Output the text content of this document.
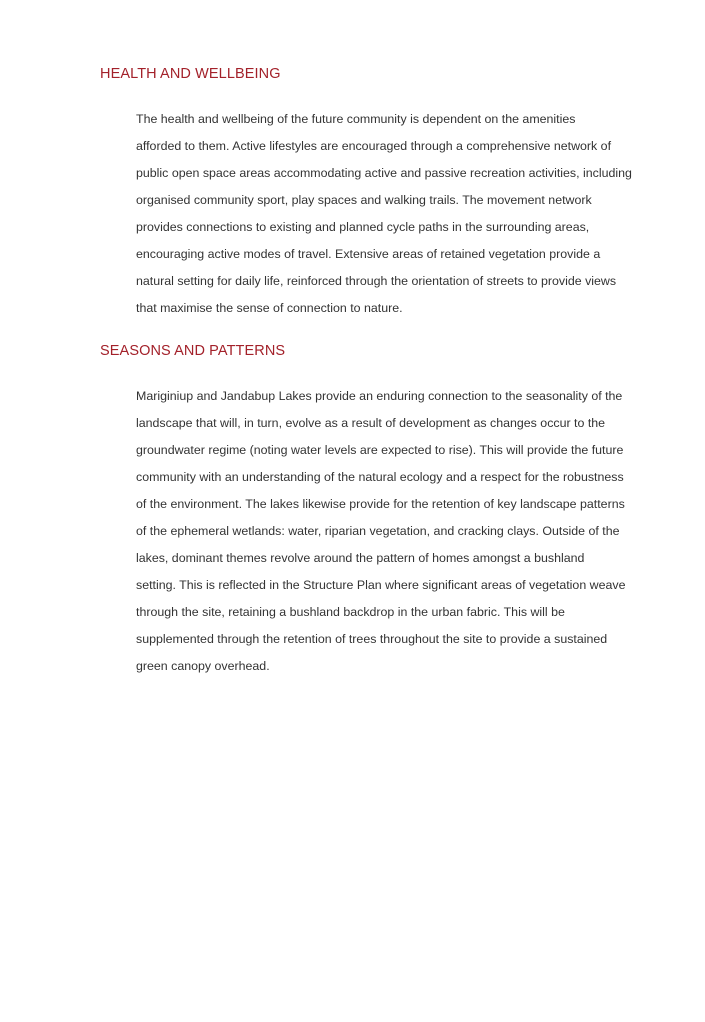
HEALTH AND WELLBEING

The health and wellbeing of the future community is dependent on the amenities
afforded to them. Active lifestyles are encouraged through a comprehensive network of
public open space areas accommodating active and passive recreation activities, including
organised community sport, play spaces and walking trails. The movement network
provides connections to existing and planned cycle paths in the surrounding areas,
encouraging active modes of travel. Extensive areas of retained vegetation provide a
natural setting for daily life, reinforced through the orientation of streets to provide views
that maximise the sense of connection to nature.

SEASONS AND PATTERNS

Mariginiup and Jandabup Lakes provide an enduring connection to the seasonality of the
landscape that will, in turn, evolve as a result of development as changes occur to the
groundwater regime (noting water levels are expected to rise). This will provide the future
community with an understanding of the natural ecology and a respect for the robustness
of the environment. The lakes likewise provide for the retention of key landscape patterns
of the ephemeral wetlands: water, riparian vegetation, and cracking clays. Outside of the
lakes, dominant themes revolve around the pattern of homes amongst a bushland
setting. This is reflected in the Structure Plan where significant areas of vegetation weave
through the site, retaining a bushland backdrop in the urban fabric. This will be
supplemented through the retention of trees throughout the site to provide a sustained
green canopy overhead.
